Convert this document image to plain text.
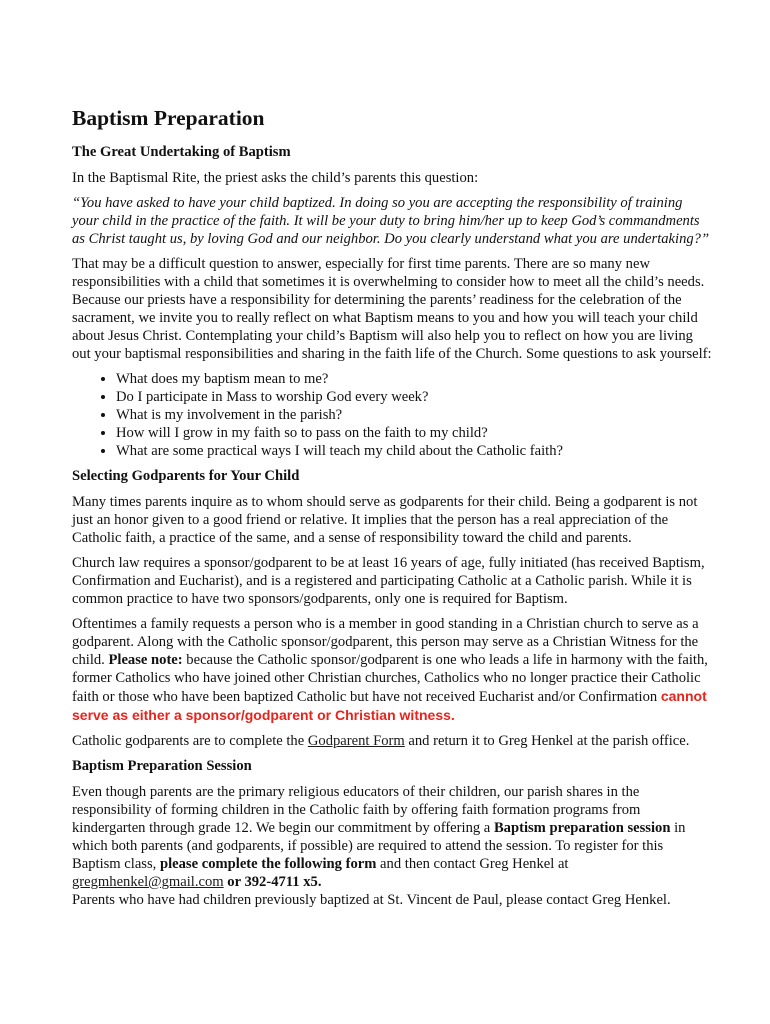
Baptism Preparation
The Great Undertaking of Baptism

In the Baptismal Rite, the priest asks the child’s parents this question:

“You have asked to have your child baptized. In doing so you are accepting the responsibility of training your child in the practice of the faith. It will be your duty to bring him/her up to keep God’s commandments as Christ taught us, by loving God and our neighbor. Do you clearly understand what you are undertaking?”

That may be a difficult question to answer, especially for first time parents. There are so many new responsibilities with a child that sometimes it is overwhelming to consider how to meet all the child’s needs. Because our priests have a responsibility for determining the parents’ readiness for the celebration of the sacrament, we invite you to really reflect on what Baptism means to you and how you will teach your child about Jesus Christ. Contemplating your child’s Baptism will also help you to reflect on how you are living out your baptismal responsibilities and sharing in the faith life of the Church. Some questions to ask yourself:

• What does my baptism mean to me?
• Do I participate in Mass to worship God every week?
• What is my involvement in the parish?
• How will I grow in my faith so to pass on the faith to my child?
• What are some practical ways I will teach my child about the Catholic faith?
Selecting Godparents for Your Child

Many times parents inquire as to whom should serve as godparents for their child. Being a godparent is not just an honor given to a good friend or relative. It implies that the person has a real appreciation of the Catholic faith, a practice of the same, and a sense of responsibility toward the child and parents.

Church law requires a sponsor/godparent to be at least 16 years of age, fully initiated (has received Baptism, Confirmation and Eucharist), and is a registered and participating Catholic at a Catholic parish. While it is common practice to have two sponsors/godparents, only one is required for Baptism.

Oftentimes a family requests a person who is a member in good standing in a Christian church to serve as a godparent. Along with the Catholic sponsor/godparent, this person may serve as a Christian Witness for the child. Please note: because the Catholic sponsor/godparent is one who leads a life in harmony with the faith, former Catholics who have joined other Christian churches, Catholics who no longer practice their Catholic faith or those who have been baptized Catholic but have not received Eucharist and/or Confirmation cannot serve as either a sponsor/godparent or Christian witness.

Catholic godparents are to complete the Godparent Form and return it to Greg Henkel at the parish office.

Baptism Preparation Session

Even though parents are the primary religious educators of their children, our parish shares in the responsibility of forming children in the Catholic faith by offering faith formation programs from kindergarten through grade 12. We begin our commitment by offering a Baptism preparation session in which both parents (and godparents, if possible) are required to attend the session. To register for this Baptism class, please complete the following form and then contact Greg Henkel at
gregmhenkel@gmail.com or 392-4711 x5.

Parents who have had children previously baptized at St. Vincent de Paul, please contact Greg Henkel.
